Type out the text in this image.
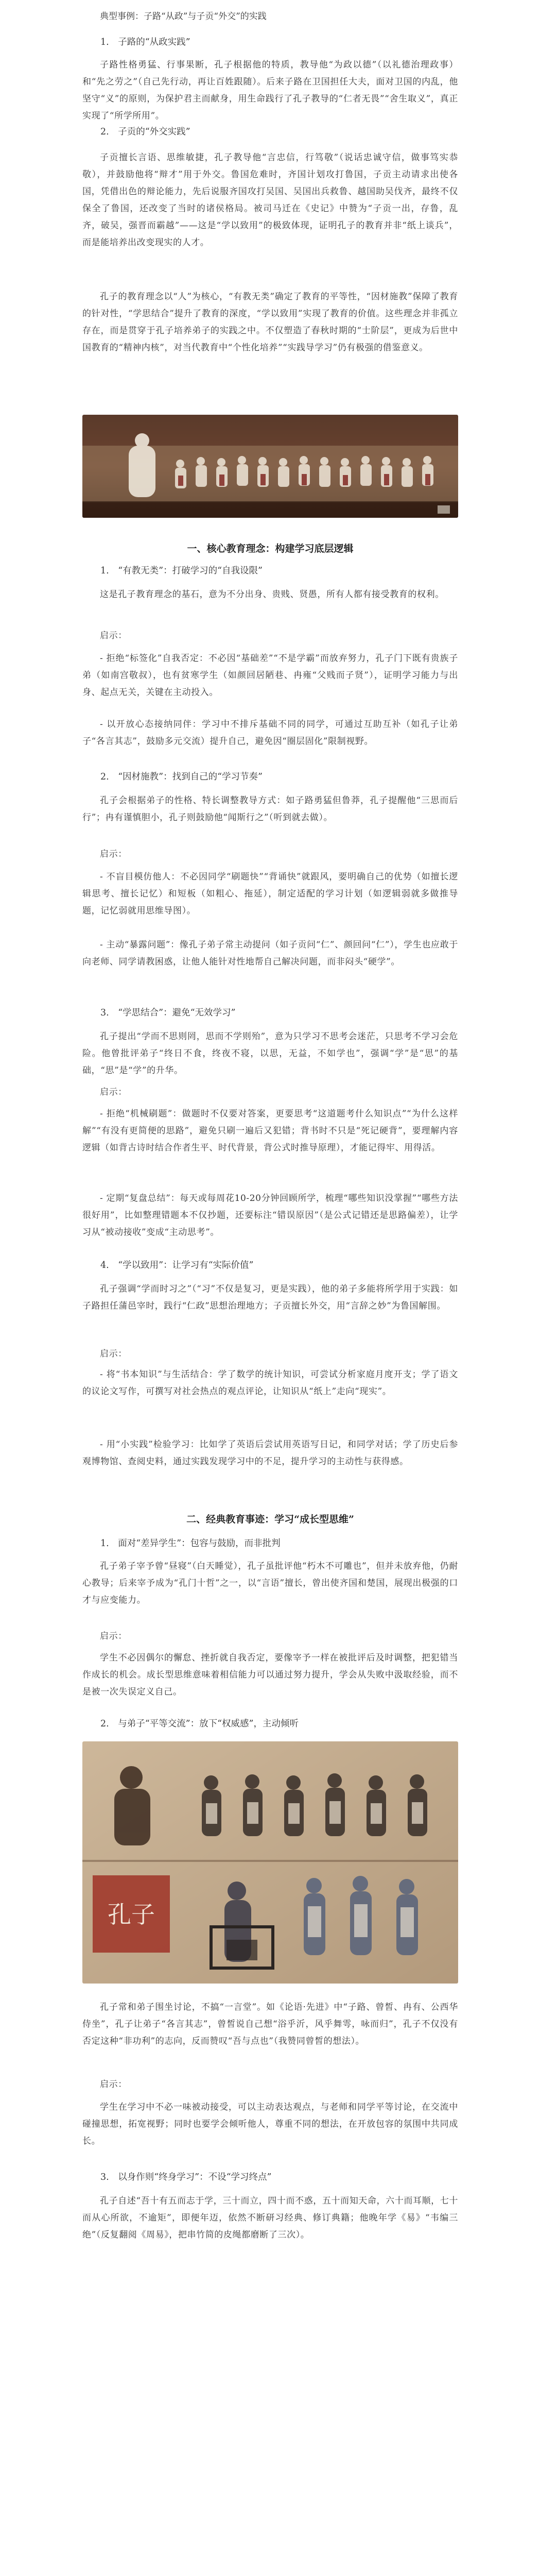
典型事例：子路“从政”与子贡“外交”的实践

1.　子路的“从政实践”

子路性格勇猛、行事果断，孔子根据他的特质，教导他“为政以德”（以礼德治理政事）和“先之劳之”（自己先行动，再让百姓跟随）。后来子路在卫国担任大夫，面对卫国的内乱，他坚守“义”的原则，为保护君主而献身，用生命践行了孔子教导的“仁者无畏”“舍生取义”，真正实现了“所学所用”。

2.　子贡的“外交实践”

子贡擅长言语、思维敏捷，孔子教导他“言忠信，行笃敬”（说话忠诚守信，做事笃实恭敬），并鼓励他将“辩才”用于外交。鲁国危难时，齐国计划攻打鲁国，子贡主动请求出使各国，凭借出色的辩论能力，先后说服齐国攻打吴国、吴国出兵救鲁、越国助吴伐齐，最终不仅保全了鲁国，还改变了当时的诸侯格局。被司马迁在《史记》中赞为“子贡一出，存鲁，乱齐，破吴，强晋而霸越”——这是“学以致用”的极致体现，证明孔子的教育并非“纸上谈兵”，而是能培养出改变现实的人才。

孔子的教育理念以“人”为核心，“有教无类”确定了教育的平等性，“因材施教”保障了教育的针对性，“学思结合”提升了教育的深度，“学以致用”实现了教育的价值。这些理念并非孤立存在，而是贯穿于孔子培养弟子的实践之中。不仅塑造了春秋时期的“士阶层”，更成为后世中国教育的“精神内核”，对当代教育中“个性化培养”“实践导学习”仍有极强的借鉴意义。

一、核心教育理念：构建学习底层逻辑

1.　“有教无类”：打破学习的“自我设限”

这是孔子教育理念的基石，意为不分出身、贵贱、贤愚，所有人都有接受教育的权利。

启示：

- 拒绝“标签化”自我否定：不必因“基础差”“不是学霸”而放弃努力，孔子门下既有贵族子弟（如南宫敬叔），也有贫寒学生（如颜回居陋巷、冉雍“父贱而子贤”），证明学习能力与出身、起点无关，关键在主动投入。

- 以开放心态接纳同伴：学习中不排斥基础不同的同学，可通过互助互补（如孔子让弟子“各言其志”，鼓励多元交流）提升自己，避免因“圈层固化”限制视野。

2.　“因材施教”：找到自己的“学习节奏”

孔子会根据弟子的性格、特长调整教导方式：如子路勇猛但鲁莽，孔子提醒他“三思而后行”；冉有谨慎胆小，孔子则鼓励他“闻斯行之”（听到就去做）。

启示：

- 不盲目模仿他人：不必因同学“刷题快”“背诵快”就跟风，要明确自己的优势（如擅长逻辑思考、擅长记忆）和短板（如粗心、拖延），制定适配的学习计划（如逻辑弱就多做推导题，记忆弱就用思维导图）。

- 主动“暴露问题”：像孔子弟子常主动提问（如子贡问“仁”、颜回问“仁”），学生也应敢于向老师、同学请教困惑，让他人能针对性地帮自己解决问题，而非闷头“硬学”。

3.　“学思结合”：避免“无效学习”

孔子提出“学而不思则罔，思而不学则殆”，意为只学习不思考会迷茫，只思考不学习会危险。他曾批评弟子“终日不食，终夜不寝，以思，无益，不如学也”，强调“学”是“思”的基础，“思”是“学”的升华。

启示：

- 拒绝“机械刷题”：做题时不仅要对答案，更要思考“这道题考什么知识点”“为什么这样解”“有没有更简便的思路”，避免只刷一遍后又犯错；背书时不只是“死记硬背”，要理解内容逻辑（如背古诗时结合作者生平、时代背景，背公式时推导原理），才能记得牢、用得活。

- 定期“复盘总结”：每天或每周花10-20分钟回顾所学，梳理“哪些知识没掌握”“哪些方法很好用”，比如整理错题本不仅抄题，还要标注“错误原因”（是公式记错还是思路偏差），让学习从“被动接收”变成“主动思考”。

4.　“学以致用”：让学习有“实际价值”

孔子强调“学而时习之”（“习”不仅是复习，更是实践），他的弟子多能将所学用于实践：如子路担任蒲邑宰时，践行“仁政”思想治理地方；子贡擅长外交，用“言辞之妙”为鲁国解围。

启示：

- 将“书本知识”与生活结合：学了数学的统计知识，可尝试分析家庭月度开支；学了语文的议论文写作，可撰写对社会热点的观点评论，让知识从“纸上”走向“现实”。

- 用“小实践”检验学习：比如学了英语后尝试用英语写日记，和同学对话；学了历史后参观博物馆、查阅史料，通过实践发现学习中的不足，提升学习的主动性与获得感。

二、经典教育事迹：学习“成长型思维”

1.　面对“差异学生”：包容与鼓励，而非批判

孔子弟子宰予曾“昼寝”（白天睡觉），孔子虽批评他“朽木不可雕也”，但并未放弃他，仍耐心教导；后来宰予成为“孔门十哲”之一，以“言语”擅长，曾出使齐国和楚国，展现出极强的口才与应变能力。

启示：

学生不必因偶尔的懈怠、挫折就自我否定，要像宰予一样在被批评后及时调整，把犯错当作成长的机会。成长型思维意味着相信能力可以通过努力提升，学会从失败中汲取经验，而不是被一次失误定义自己。

2.　与弟子“平等交流”：放下“权威感”，主动倾听

孔子

孔子常和弟子围坐讨论，不搞“一言堂”。如《论语·先进》中“子路、曾皙、冉有、公西华侍坐”，孔子让弟子“各言其志”，曾皙说自己想“浴乎沂，风乎舞雩，咏而归”，孔子不仅没有否定这种“非功利”的志向，反而赞叹“吾与点也”（我赞同曾皙的想法）。

启示：

学生在学习中不必一味被动接受，可以主动表达观点，与老师和同学平等讨论，在交流中碰撞思想，拓宽视野；同时也要学会倾听他人，尊重不同的想法，在开放包容的氛围中共同成长。

3.　以身作则“终身学习”：不设“学习终点”

孔子自述“吾十有五而志于学，三十而立，四十而不惑，五十而知天命，六十而耳顺，七十而从心所欲，不逾矩”，即便年迈，依然不断研习经典、修订典籍；他晚年学《易》“韦编三绝”（反复翻阅《周易》，把串竹简的皮绳都磨断了三次）。
